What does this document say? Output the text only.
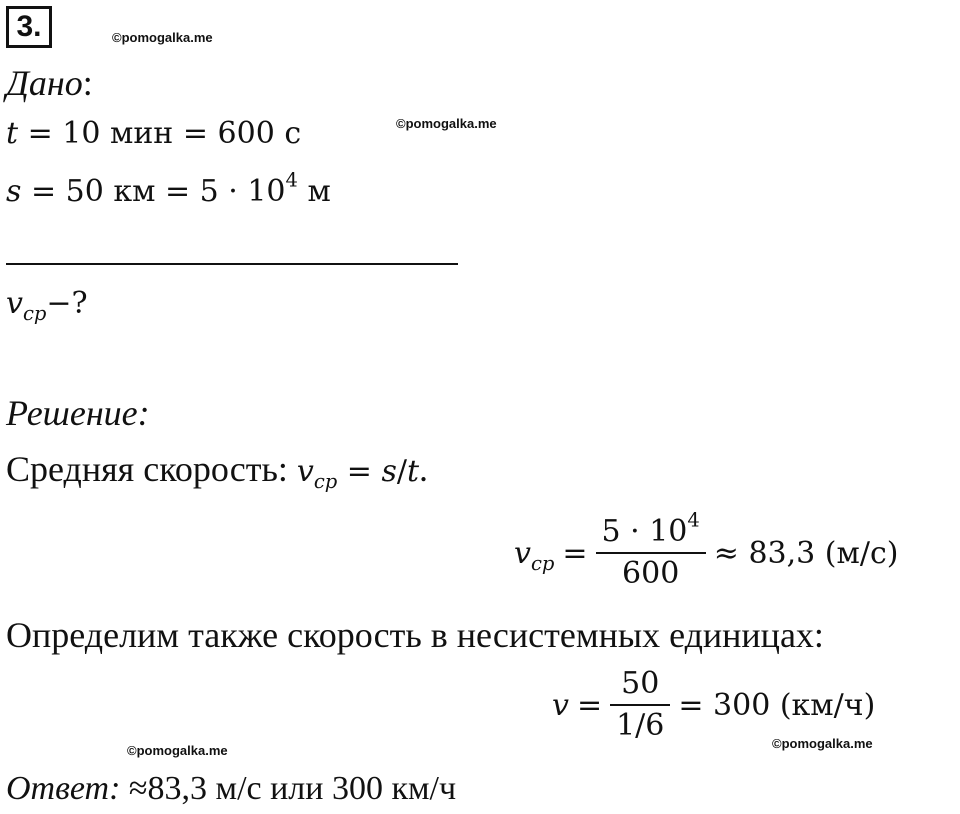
3.	©pomogalka.me
©pomogalka.me
©pomogalka.me	©pomogalka.me
Дано:
t = 10 мин = 600 с
s = 50 км = $5 \cdot 10^4$ м
$v_{ср}-$?
Решение:
Средняя скорость: $v_{ср} = s/t$.
$v_{ср} = \frac{5 \cdot 10^4}{600} \approx 83,3$ (м/с)
Определим также скорость в несистемных единицах:
$v = \frac{50}{1/6} = 300$ (км/ч)
Ответ: ≈83,3 м/с или 300 км/ч
